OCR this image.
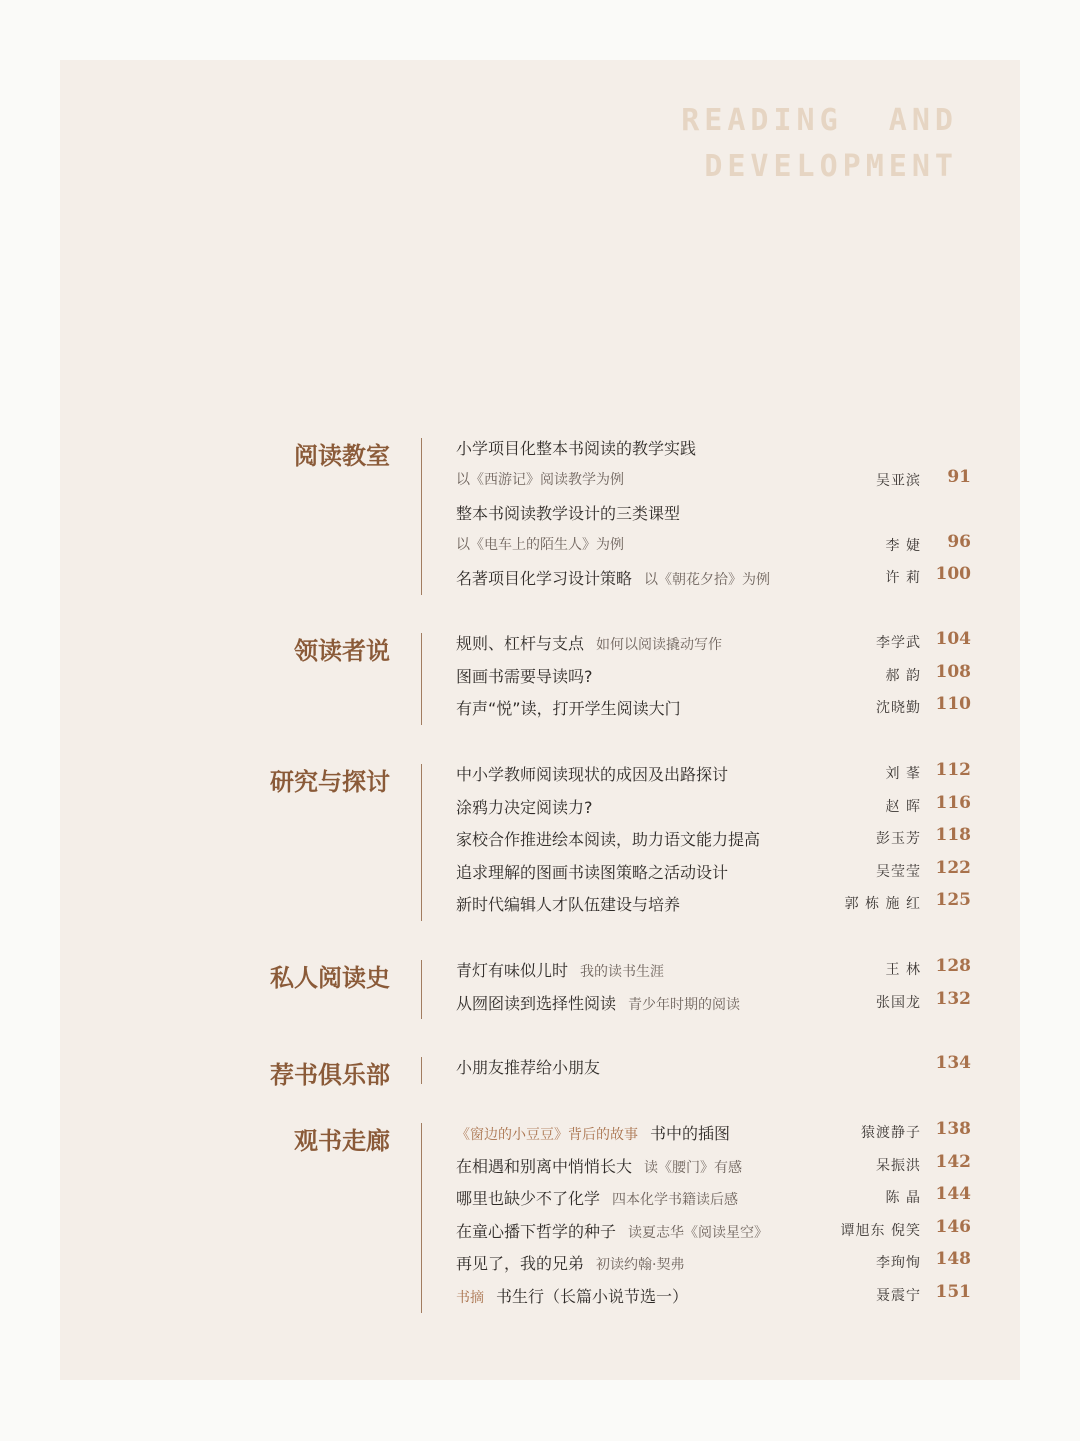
READING  AND
DEVELOPMENT
阅读教室	小学项目化整本书阅读的教学实践
以《西游记》阅读教学为例	吴亚滨 91
整本书阅读教学设计的三类课型
以《电车上的陌生人》为例	李 婕 96
名著项目化学习设计策略 以《朝花夕拾》为例	许 莉 100
领读者说	规则、杠杆与支点 如何以阅读撬动写作	李学武 104
图画书需要导读吗?	郝 韵 108
有声“悦”读，打开学生阅读大门	沈晓勤 110
研究与探讨	中小学教师阅读现状的成因及出路探讨	刘 莑 112
涂鸦力决定阅读力?	赵 晖 116
家校合作推进绘本阅读，助力语文能力提高	彭玉芳 118
追求理解的图画书读图策略之活动设计	吴莹莹 122
新时代编辑人才队伍建设与培养	郭 栋 施 红 125
私人阅读史	青灯有味似儿时 我的读书生涯	王 林 128
从囫囵读到选择性阅读 青少年时期的阅读	张国龙 132
荐书俱乐部	小朋友推荐给小朋友	134
观书走廊	《窗边的小豆豆》背后的故事 书中的插图	猿渡静子 138
在相遇和别离中悄悄长大 读《腰门》有感	呆振洪 142
哪里也缺少不了化学 四本化学书籍读后感	陈 晶 144
在童心播下哲学的种子 读夏志华《阅读星空》	谭旭东 倪笑 146
再见了，我的兄弟 初读约翰·契弗	李珣恂 148
书摘 书生行（长篇小说节选一）	聂震宁 151
